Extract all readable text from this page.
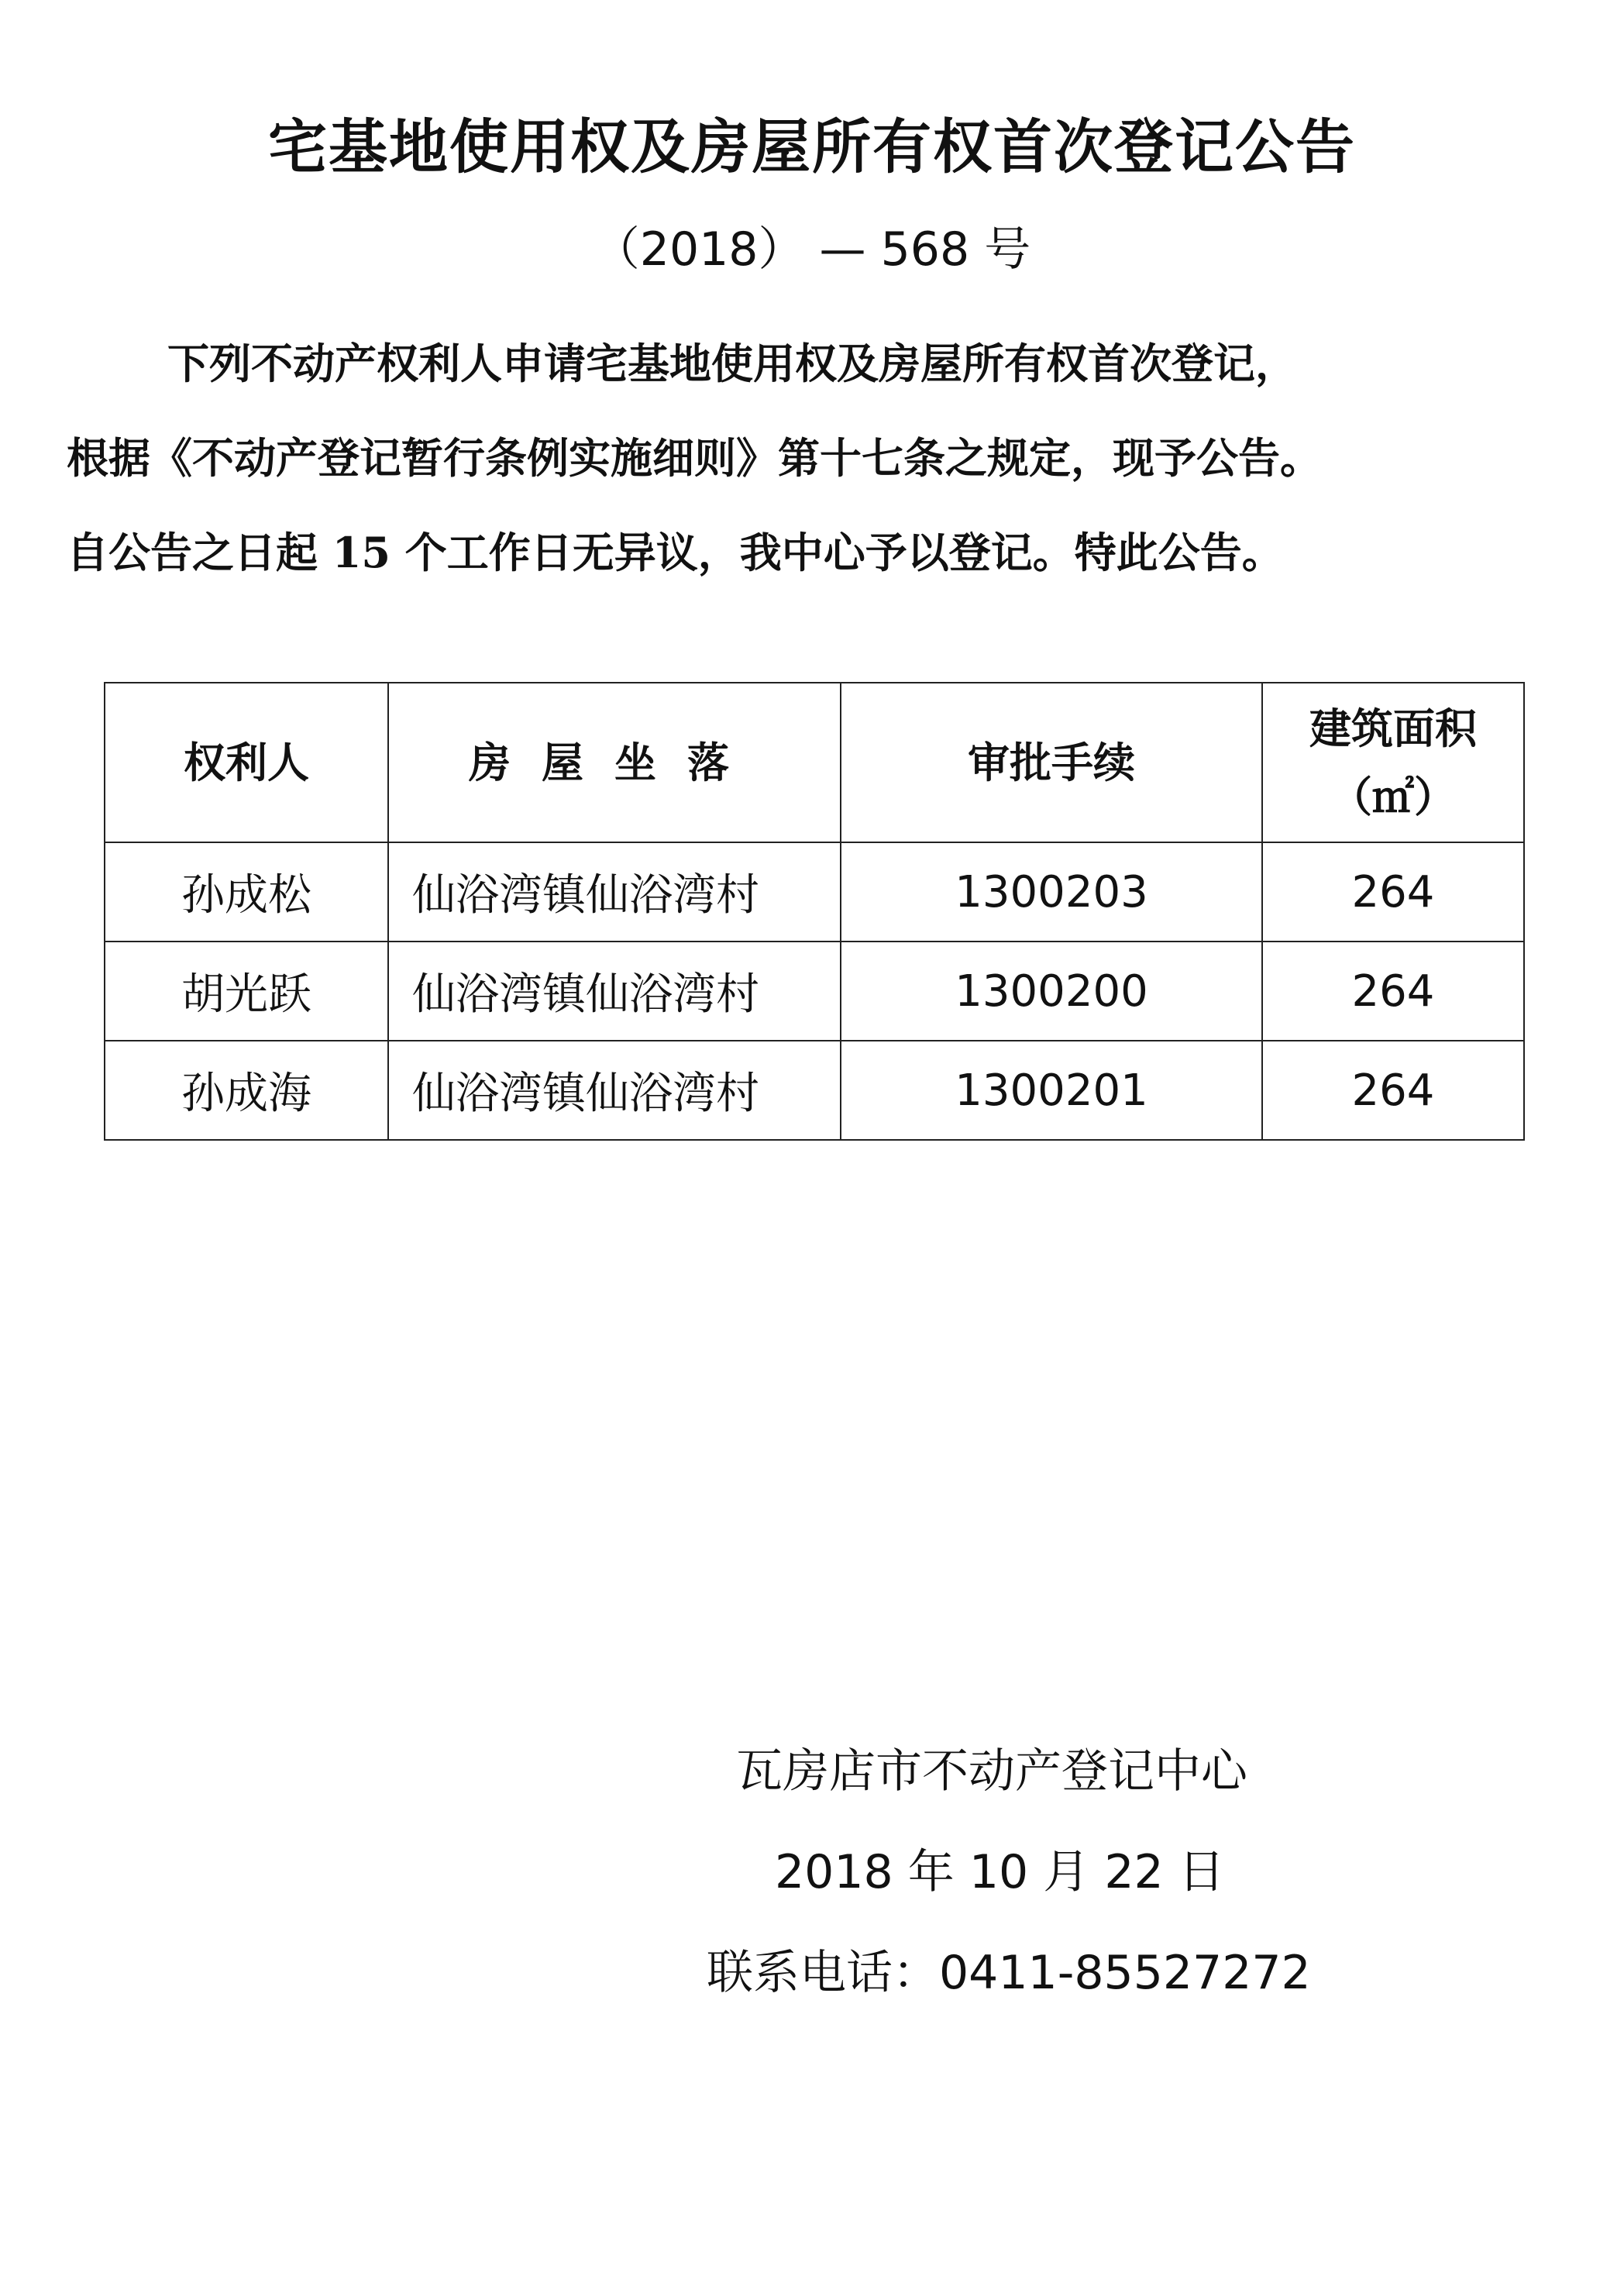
宅基地使用权及房屋所有权首次登记公告
（2018） — 568 号
下列不动产权利人申请宅基地使用权及房屋所有权首次登记，
根据《不动产登记暂行条例实施细则》第十七条之规定，现予公告。
自公告之日起 15 个工作日无异议，我中心予以登记。特此公告。
权利人	房屋坐落	审批手续	建筑面积
（㎡）

孙成松	仙浴湾镇仙浴湾村	1300203	264
胡光跃	仙浴湾镇仙浴湾村	1300200	264
孙成海	仙浴湾镇仙浴湾村	1300201	264
瓦房店市不动产登记中心
2018 年 10 月 22 日
联系电话：0411-85527272
